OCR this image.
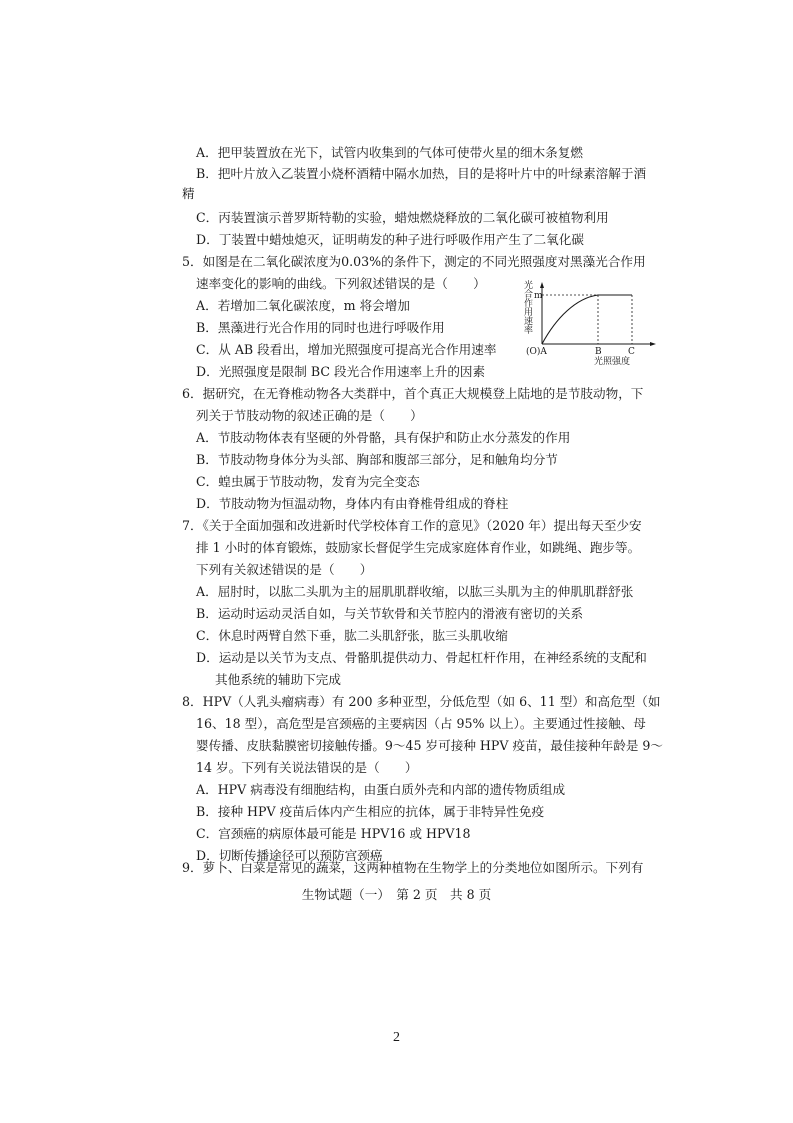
A．把甲装置放在光下，试管内收集到的气体可使带火星的细木条复燃
B．把叶片放入乙装置小烧杯酒精中隔水加热，目的是将叶片中的叶绿素溶解于酒
精
C．丙装置演示普罗斯特勒的实验，蜡烛燃烧释放的二氧化碳可被植物利用
D．丁装置中蜡烛熄灭，证明萌发的种子进行呼吸作用产生了二氧化碳
5．如图是在二氧化碳浓度为0.03%的条件下，测定的不同光照强度对黑藻光合作用
速率变化的影响的曲线。下列叙述错误的是（　　）
A．若增加二氧化碳浓度，m 将会增加
B．黑藻进行光合作用的同时也进行呼吸作用
C．从 AB 段看出，增加光照强度可提高光合作用速率
D．光照强度是限制 BC 段光合作用速率上升的因素
光
合
作
用
速
率
m
(O)A	B	C
光照强度
6．据研究，在无脊椎动物各大类群中，首个真正大规模登上陆地的是节肢动物，下
列关于节肢动物的叙述正确的是（　　）
A．节肢动物体表有坚硬的外骨骼，具有保护和防止水分蒸发的作用
B．节肢动物身体分为头部、胸部和腹部三部分，足和触角均分节
C．蝗虫属于节肢动物，发育为完全变态
D．节肢动物为恒温动物，身体内有由脊椎骨组成的脊柱
7．《关于全面加强和改进新时代学校体育工作的意见》（2020 年）提出每天至少安
排 1 小时的体育锻炼，鼓励家长督促学生完成家庭体育作业，如跳绳、跑步等。
下列有关叙述错误的是（　　）
A．屈肘时，以肱二头肌为主的屈肌肌群收缩，以肱三头肌为主的伸肌肌群舒张
B．运动时运动灵活自如，与关节软骨和关节腔内的滑液有密切的关系
C．休息时两臂自然下垂，肱二头肌舒张，肱三头肌收缩
D．运动是以关节为支点、骨骼肌提供动力、骨起杠杆作用，在神经系统的支配和
其他系统的辅助下完成
8．HPV（人乳头瘤病毒）有 200 多种亚型，分低危型（如 6、11 型）和高危型（如
16、18 型），高危型是宫颈癌的主要病因（占 95% 以上）。主要通过性接触、母
婴传播、皮肤黏膜密切接触传播。9～45 岁可接种 HPV 疫苗，最佳接种年龄是 9～
14 岁。下列有关说法错误的是（　　）
A．HPV 病毒没有细胞结构，由蛋白质外壳和内部的遗传物质组成
B．接种 HPV 疫苗后体内产生相应的抗体，属于非特异性免疫
C．宫颈癌的病原体最可能是 HPV16 或 HPV18
D．切断传播途径可以预防宫颈癌
9．萝卜、白菜是常见的蔬菜，这两种植物在生物学上的分类地位如图所示。下列有
生物试题（一）　第 2 页　共 8 页
2
